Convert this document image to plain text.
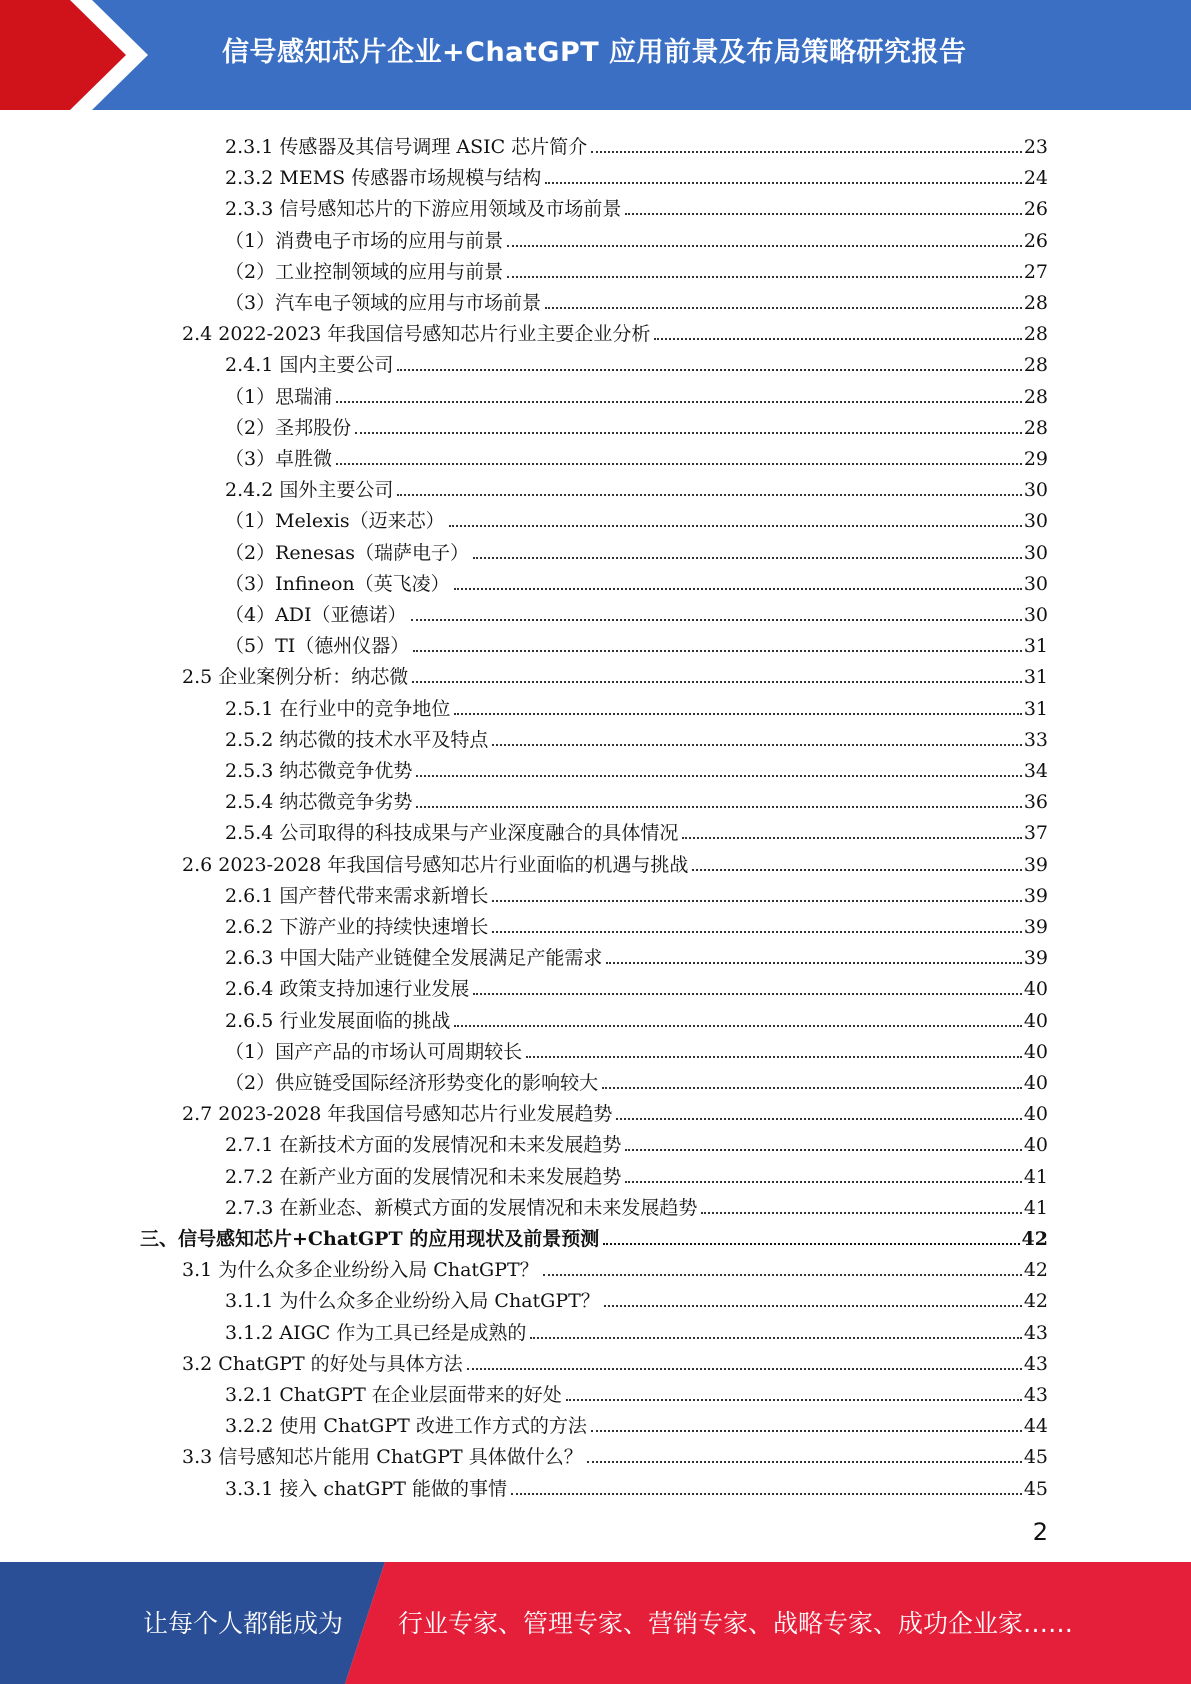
信号感知芯片企业+ChatGPT 应用前景及布局策略研究报告
2.3.1 传感器及其信号调理 ASIC 芯片简介	23
2.3.2 MEMS 传感器市场规模与结构	24
2.3.3 信号感知芯片的下游应用领域及市场前景	26
（1）消费电子市场的应用与前景	26
（2）工业控制领域的应用与前景	27
（3）汽车电子领域的应用与市场前景	28
2.4 2022-2023 年我国信号感知芯片行业主要企业分析	28
2.4.1 国内主要公司	28
（1）思瑞浦	28
（2）圣邦股份	28
（3）卓胜微	29
2.4.2 国外主要公司	30
（1）Melexis（迈来芯）	30
（2）Renesas（瑞萨电子）	30
（3）Infineon（英飞凌）	30
（4）ADI（亚德诺）	30
（5）TI（德州仪器）	31
2.5 企业案例分析：纳芯微	31
2.5.1 在行业中的竞争地位	31
2.5.2 纳芯微的技术水平及特点	33
2.5.3 纳芯微竞争优势	34
2.5.4 纳芯微竞争劣势	36
2.5.4 公司取得的科技成果与产业深度融合的具体情况	37
2.6 2023-2028 年我国信号感知芯片行业面临的机遇与挑战	39
2.6.1 国产替代带来需求新增长	39
2.6.2 下游产业的持续快速增长	39
2.6.3 中国大陆产业链健全发展满足产能需求	39
2.6.4 政策支持加速行业发展	40
2.6.5 行业发展面临的挑战	40
（1）国产产品的市场认可周期较长	40
（2）供应链受国际经济形势变化的影响较大	40
2.7 2023-2028 年我国信号感知芯片行业发展趋势	40
2.7.1 在新技术方面的发展情况和未来发展趋势	40
2.7.2 在新产业方面的发展情况和未来发展趋势	41
2.7.3 在新业态、新模式方面的发展情况和未来发展趋势	41
三、信号感知芯片+ChatGPT 的应用现状及前景预测	42
3.1 为什么众多企业纷纷入局 ChatGPT？	42
3.1.1 为什么众多企业纷纷入局 ChatGPT？	42
3.1.2 AIGC 作为工具已经是成熟的	43
3.2 ChatGPT 的好处与具体方法	43
3.2.1 ChatGPT 在企业层面带来的好处	43
3.2.2 使用 ChatGPT 改进工作方式的方法	44
3.3 信号感知芯片能用 ChatGPT 具体做什么？	45
3.3.1 接入 chatGPT 能做的事情	45
2
让每个人都能成为 行业专家、管理专家、营销专家、战略专家、成功企业家……
